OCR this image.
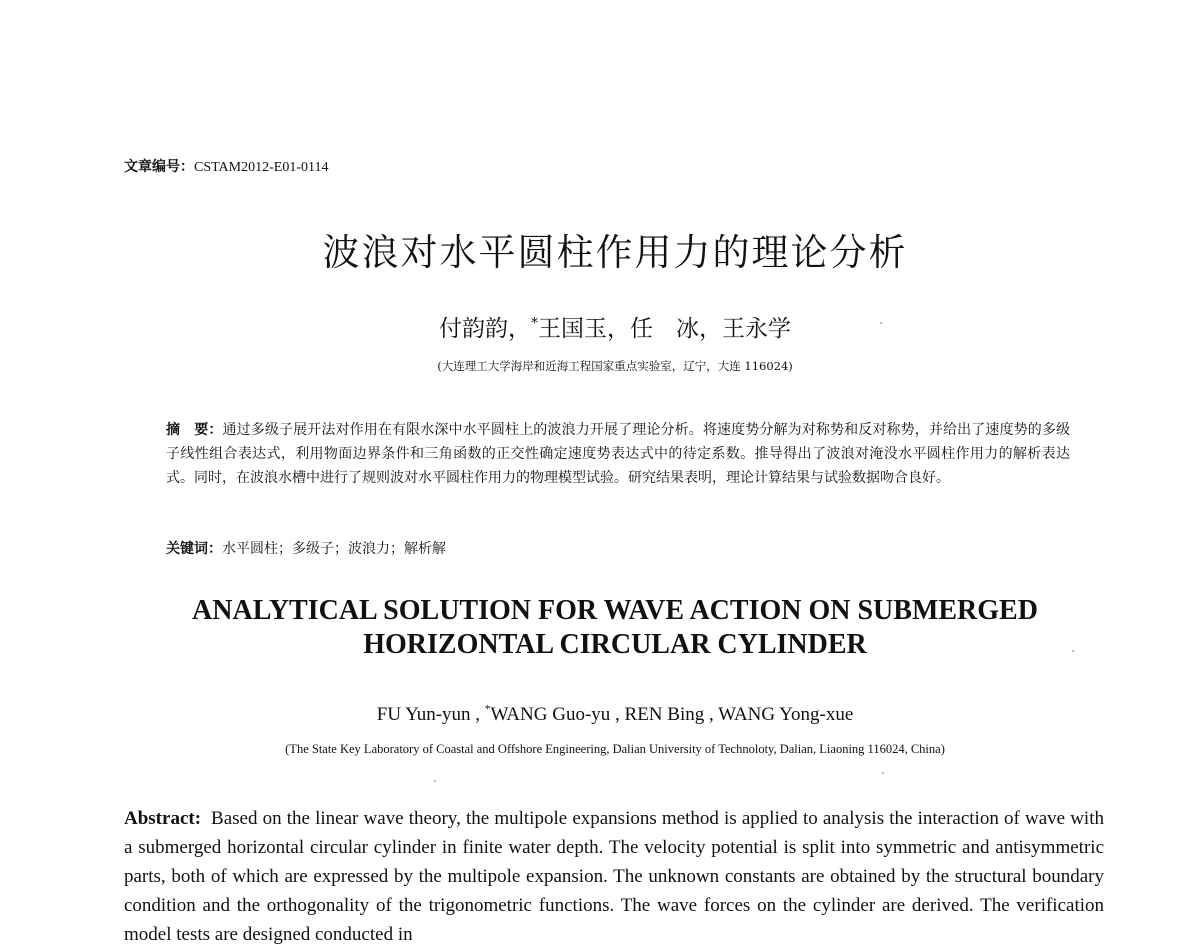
文章编号：CSTAM2012-E01-0114
波浪对水平圆柱作用力的理论分析
付韵韵，*王国玉，任　冰，王永学
(大连理工大学海岸和近海工程国家重点实验室，辽宁，大连 116024)
摘　要：通过多级子展开法对作用在有限水深中水平圆柱上的波浪力开展了理论分析。将速度势分解为对称势和反对称势，并给出了速度势的多级子线性组合表达式，利用物面边界条件和三角函数的正交性确定速度势表达式中的待定系数。推导得出了波浪对淹没水平圆柱作用力的解析表达式。同时，在波浪水槽中进行了规则波对水平圆柱作用力的物理模型试验。研究结果表明，理论计算结果与试验数据吻合良好。
关键词：水平圆柱；多级子；波浪力；解析解
ANALYTICAL SOLUTION FOR WAVE ACTION ON SUBMERGED
HORIZONTAL CIRCULAR CYLINDER
FU Yun-yun , *WANG Guo-yu , REN Bing , WANG Yong-xue
(The State Key Laboratory of Coastal and Offshore Engineering, Dalian University of Technoloty, Dalian, Liaoning 116024, China)
Abstract: Based on the linear wave theory, the multipole expansions method is applied to analysis the interaction of wave with a submerged horizontal circular cylinder in finite water depth. The velocity potential is split into symmetric and antisymmetric parts, both of which are expressed by the multipole expansion. The unknown constants are obtained by the structural boundary condition and the orthogonality of the trigonometric functions. The wave forces on the cylinder are derived. The verification model tests are designed conducted in
